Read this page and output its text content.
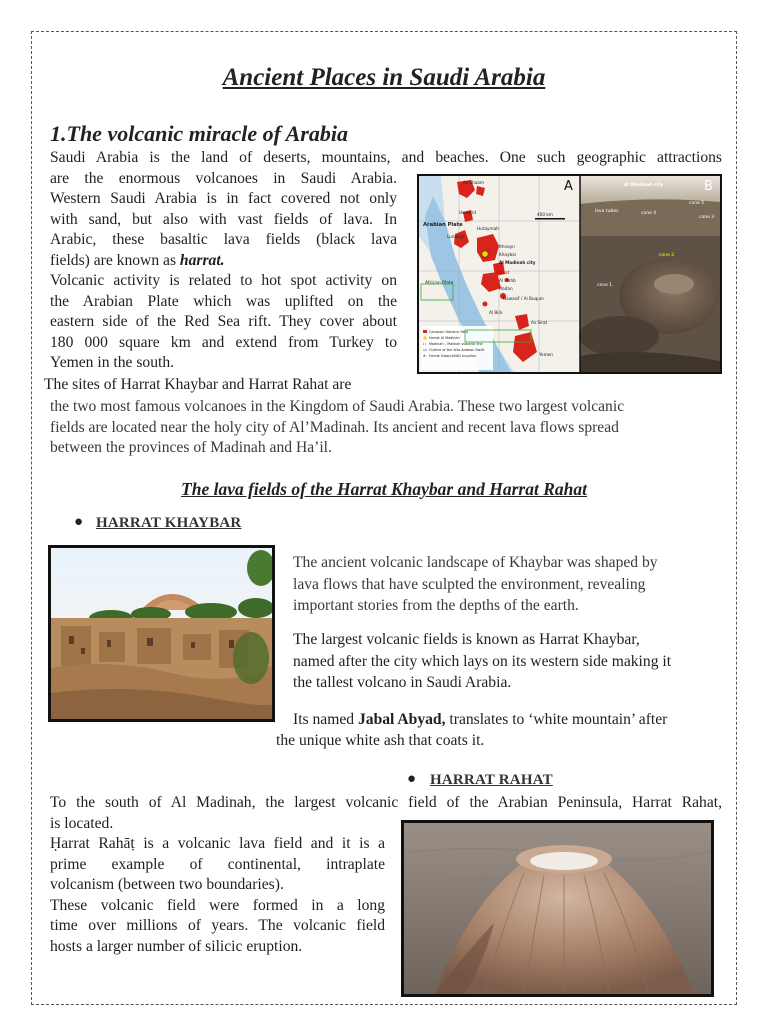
Ancient Places in Saudi Arabia
1.The volcanic miracle of Arabia
Saudi Arabia is the land of deserts, mountains, and beaches. One such geographic attractions
are the enormous volcanoes in Saudi Arabia.
Western Saudi Arabia is in fact covered not only
with sand, but also with vast fields of lava. In
Arabic, these basaltic lava fields (black lava
fields) are known as harrat.
Volcanic activity is related to hot spot activity on
the Arabian Plate which was uplifted on the
eastern side of the Red Sea rift. They cover about
180 000 square km and extend from Turkey to
Yemen in the south.
The sites of Harrat Khaybar and Harrat Rahat are
the two most famous volcanoes in the Kingdom of Saudi Arabia. These two largest volcanic
fields are located near the holy city of Al’Madinah. Its ancient and recent lava flows spread
between the provinces of Madinah and Ha’il.
As Shaam
Uwayrid
Arabian Plate
Hutaymah
Lunayyir
Ithnayn
Khaybar
Al Madinah city
Rahat
Al Kishb
Hadan
Nawasif / Al Buqum
Al Birk
As Sirat
Yemen
African Plate
400 km
A
Cenozoic Volcanic field
Harrat Al Madinah
Madinah – Makkah volcanic line
Outline of the Afro-Arabian Swell
✱ Harrat Uwayrid/AD eruption
Al Madinah city
lava tubes	cone 4
cone 5
cone 3
cone 2
cone 1
B
The lava fields of the Harrat Khaybar and Harrat Rahat
● HARRAT KHAYBAR
The ancient volcanic landscape of Khaybar was shaped by
lava flows that have sculpted the environment, revealing
important stories from the depths of the earth.
The largest volcanic fields is known as Harrat Khaybar,
named after the city which lays on its western side making it
the tallest volcano in Saudi Arabia.
Its named Jabal Abyad, translates to ‘white mountain’ after
the unique white ash that coats it.
● HARRAT RAHAT
To the south of Al Madinah, the largest volcanic field of the Arabian Peninsula, Harrat Rahat,
is located.
Ḥarrat Rahāṭ is a volcanic lava field and it is a
prime example of continental, intraplate
volcanism (between two boundaries).
These volcanic field were formed in a long
time over millions of years. The volcanic field
hosts a larger number of silicic eruption.
